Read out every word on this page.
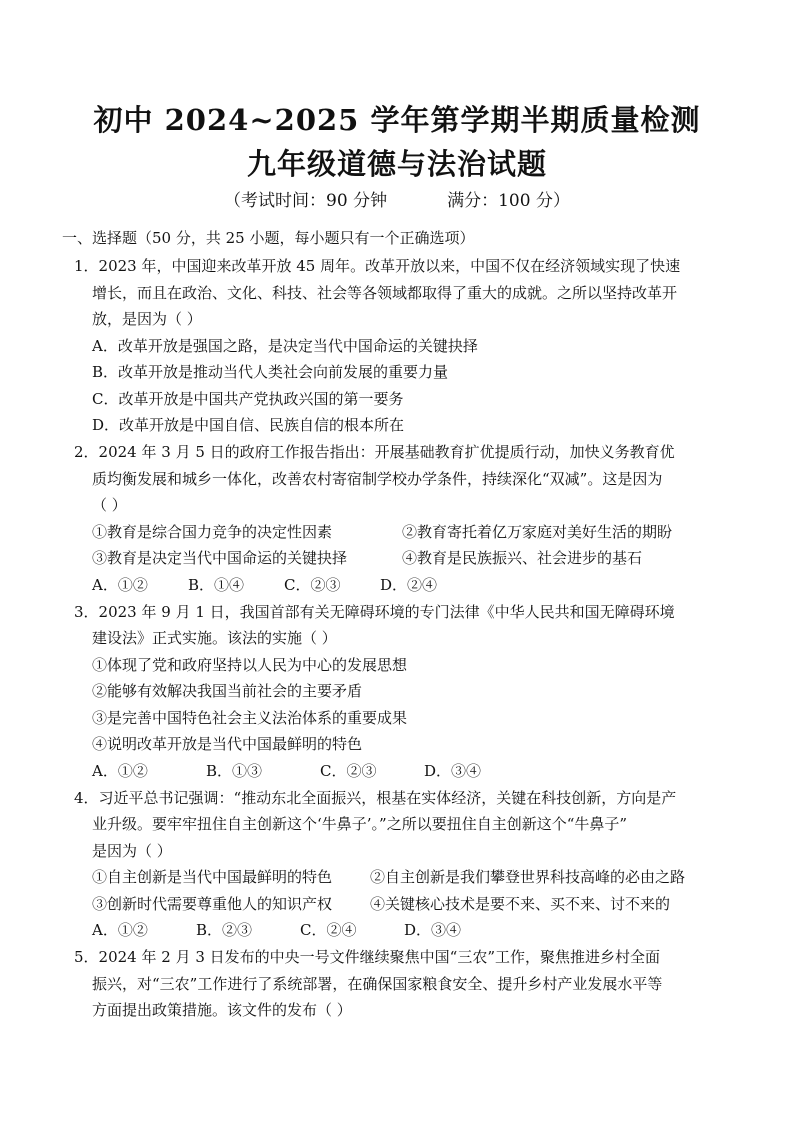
初中 2024~2025 学年第学期半期质量检测
九年级道德与法治试题
（考试时间：90 分钟	满分：100 分）
一、选择题（50 分，共 25 小题，每小题只有一个正确选项）
1．2023 年，中国迎来改革开放 45 周年。改革开放以来，中国不仅在经济领域实现了快速
增长，而且在政治、文化、科技、社会等各领域都取得了重大的成就。之所以坚持改革开
放，是因为（ ）
A．改革开放是强国之路，是决定当代中国命运的关键抉择
B．改革开放是推动当代人类社会向前发展的重要力量
C．改革开放是中国共产党执政兴国的第一要务
D．改革开放是中国自信、民族自信的根本所在
2．2024 年 3 月 5 日的政府工作报告指出：开展基础教育扩优提质行动，加快义务教育优
质均衡发展和城乡一体化，改善农村寄宿制学校办学条件，持续深化“双减”。这是因为
（ ）
①教育是综合国力竞争的决定性因素	②教育寄托着亿万家庭对美好生活的期盼
③教育是决定当代中国命运的关键抉择	④教育是民族振兴、社会进步的基石
A．①②	B．①④	C．②③	D．②④
3．2023 年 9 月 1 日，我国首部有关无障碍环境的专门法律《中华人民共和国无障碍环境
建设法》正式实施。该法的实施（ ）
①体现了党和政府坚持以人民为中心的发展思想
②能够有效解决我国当前社会的主要矛盾
③是完善中国特色社会主义法治体系的重要成果
④说明改革开放是当代中国最鲜明的特色
A．①②	B．①③	C．②③	D．③④
4．习近平总书记强调：“推动东北全面振兴，根基在实体经济，关键在科技创新，方向是产
业升级。要牢牢扭住自主创新这个‘牛鼻子’。”之所以要扭住自主创新这个“牛鼻子”
是因为（ ）
①自主创新是当代中国最鲜明的特色	②自主创新是我们攀登世界科技高峰的必由之路
③创新时代需要尊重他人的知识产权	④关键核心技术是要不来、买不来、讨不来的
A．①②	B．②③	C．②④	D．③④
5．2024 年 2 月 3 日发布的中央一号文件继续聚焦中国“三农”工作，聚焦推进乡村全面
振兴，对“三农”工作进行了系统部署，在确保国家粮食安全、提升乡村产业发展水平等
方面提出政策措施。该文件的发布（ ）
